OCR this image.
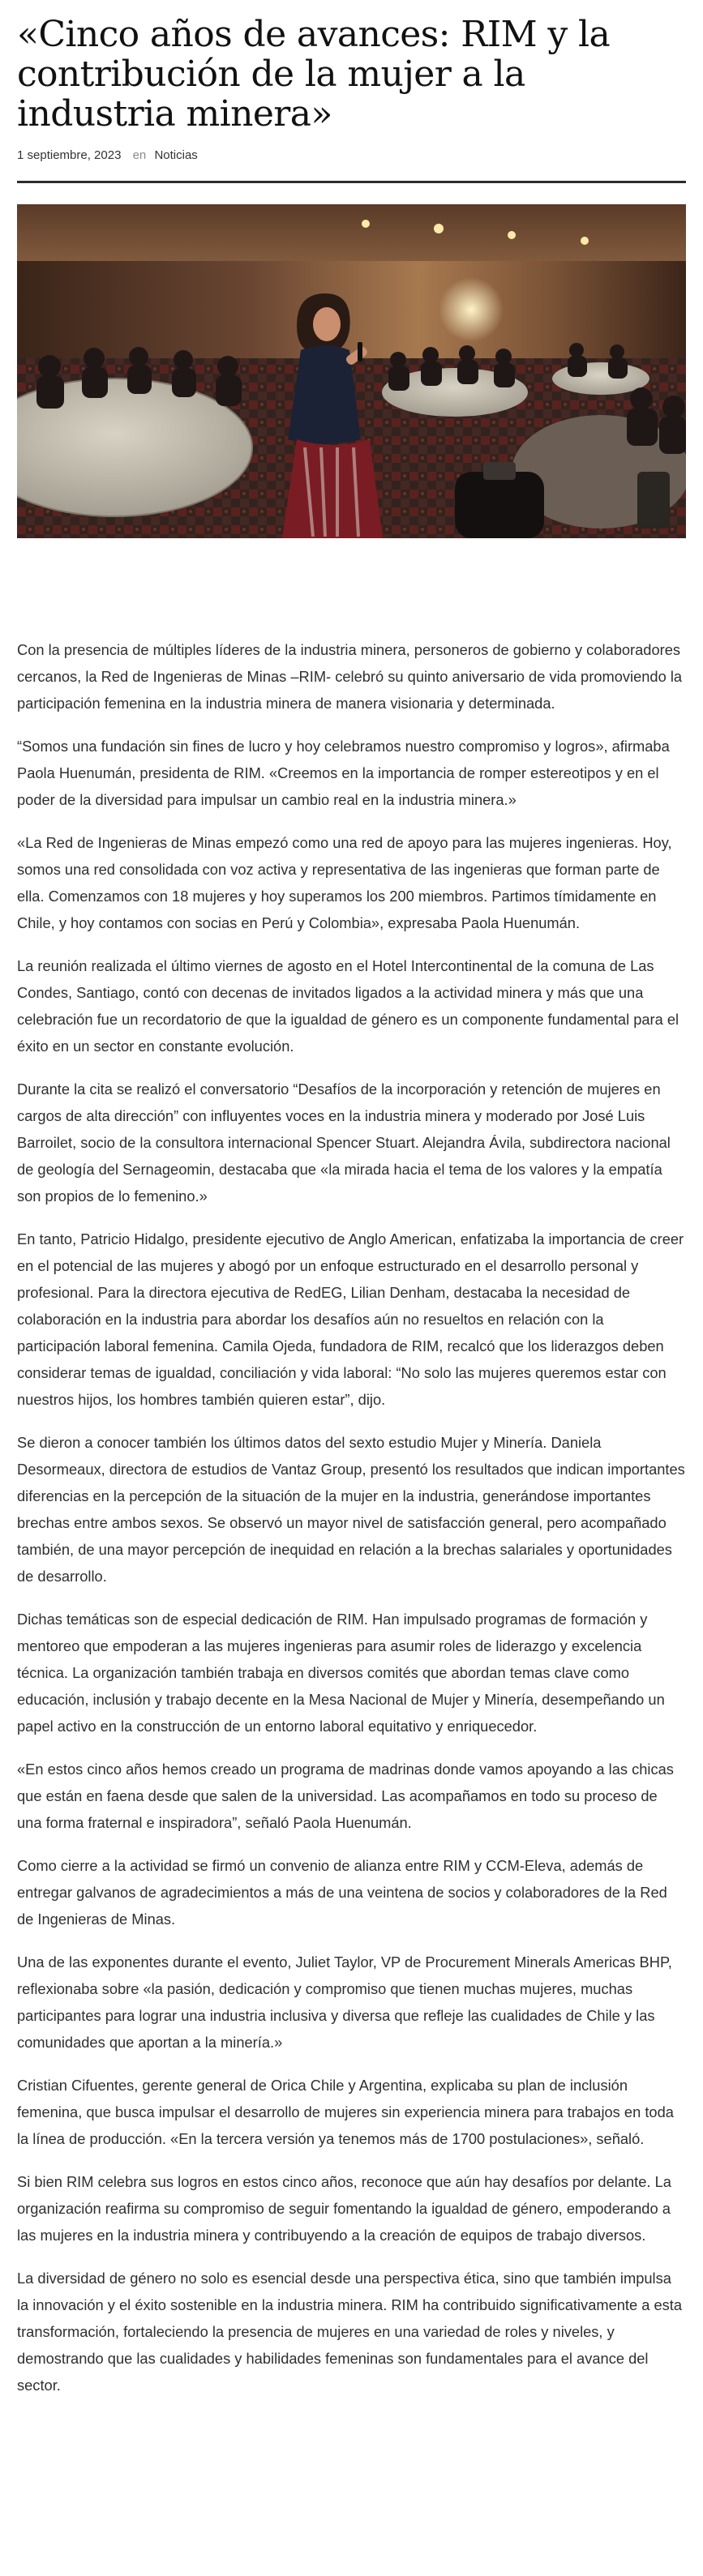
«Cinco años de avances: RIM y la contribución de la mujer a la industria minera»
1 septiembre, 2023 en Noticias

Con la presencia de múltiples líderes de la industria minera, personeros de gobierno y colaboradores cercanos, la Red de Ingenieras de Minas –RIM- celebró su quinto aniversario de vida promoviendo la participación femenina en la industria minera de manera visionaria y determinada.

“Somos una fundación sin fines de lucro y hoy celebramos nuestro compromiso y logros», afirmaba Paola Huenumán, presidenta de RIM. «Creemos en la importancia de romper estereotipos y en el poder de la diversidad para impulsar un cambio real en la industria minera.»

«La Red de Ingenieras de Minas empezó como una red de apoyo para las mujeres ingenieras. Hoy, somos una red consolidada con voz activa y representativa de las ingenieras que forman parte de ella. Comenzamos con 18 mujeres y hoy superamos los 200 miembros. Partimos tímidamente en Chile, y hoy contamos con socias en Perú y Colombia», expresaba Paola Huenumán.

La reunión realizada el último viernes de agosto en el Hotel Intercontinental de la comuna de Las Condes, Santiago, contó con decenas de invitados ligados a la actividad minera y más que una celebración fue un recordatorio de que la igualdad de género es un componente fundamental para el éxito en un sector en constante evolución.

Durante la cita se realizó el conversatorio “Desafíos de la incorporación y retención de mujeres en cargos de alta dirección” con influyentes voces en la industria minera y moderado por José Luis Barroilet, socio de la consultora internacional Spencer Stuart. Alejandra Ávila, subdirectora nacional de geología del Sernageomin, destacaba que «la mirada hacia el tema de los valores y la empatía son propios de lo femenino.»

En tanto, Patricio Hidalgo, presidente ejecutivo de Anglo American, enfatizaba la importancia de creer en el potencial de las mujeres y abogó por un enfoque estructurado en el desarrollo personal y profesional. Para la directora ejecutiva de RedEG, Lilian Denham, destacaba la necesidad de colaboración en la industria para abordar los desafíos aún no resueltos en relación con la participación laboral femenina. Camila Ojeda, fundadora de RIM, recalcó que los liderazgos deben considerar temas de igualdad, conciliación y vida laboral: “No solo las mujeres queremos estar con nuestros hijos, los hombres también quieren estar”, dijo.

Se dieron a conocer también los últimos datos del sexto estudio Mujer y Minería. Daniela Desormeaux, directora de estudios de Vantaz Group, presentó los resultados que indican importantes diferencias en la percepción de la situación de la mujer en la industria, generándose importantes brechas entre ambos sexos. Se observó un mayor nivel de satisfacción general, pero acompañado también, de una mayor percepción de inequidad en relación a la brechas salariales y oportunidades de desarrollo.

Dichas temáticas son de especial dedicación de RIM. Han impulsado programas de formación y mentoreo que empoderan a las mujeres ingenieras para asumir roles de liderazgo y excelencia técnica. La organización también trabaja en diversos comités que abordan temas clave como educación, inclusión y trabajo decente en la Mesa Nacional de Mujer y Minería, desempeñando un papel activo en la construcción de un entorno laboral equitativo y enriquecedor.

«En estos cinco años hemos creado un programa de madrinas donde vamos apoyando a las chicas que están en faena desde que salen de la universidad. Las acompañamos en todo su proceso de una forma fraternal e inspiradora”, señaló Paola Huenumán.

Como cierre a la actividad se firmó un convenio de alianza entre RIM y CCM-Eleva, además de entregar galvanos de agradecimientos a más de una veintena de socios y colaboradores de la Red de Ingenieras de Minas.

Una de las exponentes durante el evento, Juliet Taylor, VP de Procurement Minerals Americas BHP, reflexionaba sobre «la pasión, dedicación y compromiso que tienen muchas mujeres, muchas participantes para lograr una industria inclusiva y diversa que refleje las cualidades de Chile y las comunidades que aportan a la minería.»

Cristian Cifuentes, gerente general de Orica Chile y Argentina, explicaba su plan de inclusión femenina, que busca impulsar el desarrollo de mujeres sin experiencia minera para trabajos en toda la línea de producción. «En la tercera versión ya tenemos más de 1700 postulaciones», señaló.

Si bien RIM celebra sus logros en estos cinco años, reconoce que aún hay desafíos por delante. La organización reafirma su compromiso de seguir fomentando la igualdad de género, empoderando a las mujeres en la industria minera y contribuyendo a la creación de equipos de trabajo diversos.

La diversidad de género no solo es esencial desde una perspectiva ética, sino que también impulsa la innovación y el éxito sostenible en la industria minera. RIM ha contribuido significativamente a esta transformación, fortaleciendo la presencia de mujeres en una variedad de roles y niveles, y demostrando que las cualidades y habilidades femeninas son fundamentales para el avance del sector.
